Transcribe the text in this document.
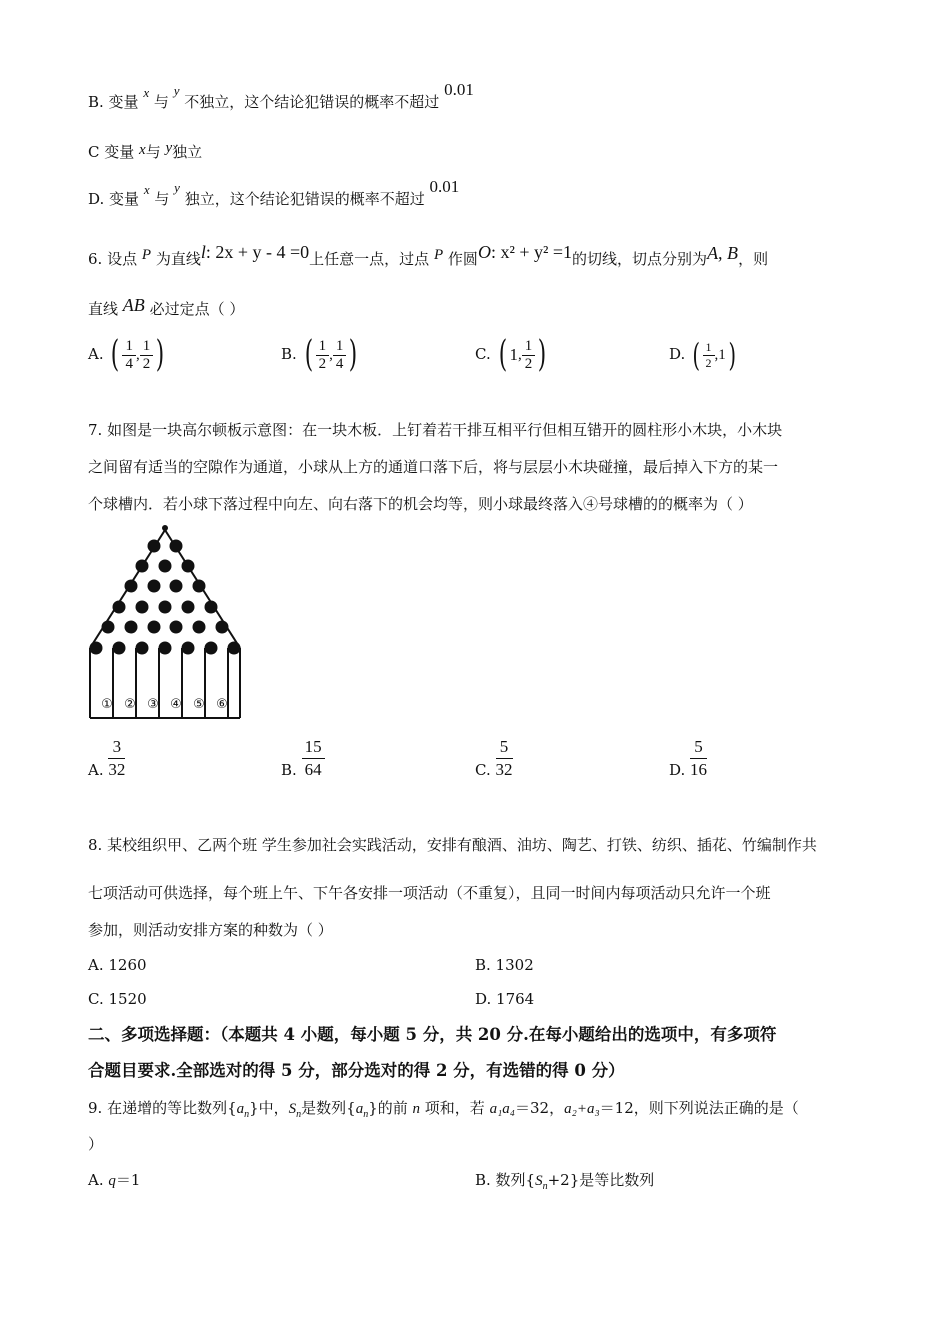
B. 变量 x 与 y 不独立，这个结论犯错误的概率不超过 0.01
C 变量 x与 y独立
D. 变量 x 与 y 独立，这个结论犯错误的概率不超过 0.01
6. 设点 P 为直线l: 2x + y - 4 =0上任意一点，过点 P 作圆O: x² + y² =1的切线，切点分别为A, B，则
直线 AB 必过定点（ ）
A. ( $\frac{1}{4}$ , $\frac{1}{2}$ )	B. ( $\frac{1}{2}$ , $\frac{1}{4}$ )	C. ( 1, $\frac{1}{2}$ )	D. ( $\frac{1}{2} ,1$)
7. 如图是一块高尔顿板示意图：在一块木板．上钉着若干排互相平行但相互错开的圆柱形小木块，小木块
之间留有适当的空隙作为通道，小球从上方的通道口落下后，将与层层小木块碰撞，最后掉入下方的某一
个球槽内．若小球下落过程中向左、向右落下的机会均等，则小球最终落入④号球槽的的概率为（ ）
① ② ③ ④ ⑤ ⑥
A. $\frac{3}{32}$	B. $\frac{15}{64}$	C. $\frac{5}{32}$	D. $\frac{5}{16}$
8. 某校组织甲、乙两个班 学生参加社会实践活动，安排有酿酒、油坊、陶艺、打铁、纺织、插花、竹编制作共
七项活动可供选择，每个班上午、下午各安排一项活动（不重复），且同一时间内每项活动只允许一个班
参加，则活动安排方案的种数为（ ）
A. 1260	B. 1302
C. 1520	D. 1764
二、多项选择题：（本题共 4 小题，每小题 5 分，共 20 分.在每小题给出的选项中，有多项符
合题目要求.全部选对的得 5 分，部分选对的得 2 分，有选错的得 0 分）
9. 在递增的等比数列$\{a_n\}$中，$S_n$是数列$\{a_n\}$的前 n 项和，若 a₁a₄＝32，a₂+a₃＝12，则下列说法正确的是（
）
A. q＝1	B. 数列$\{S_n+2\}$是等比数列
